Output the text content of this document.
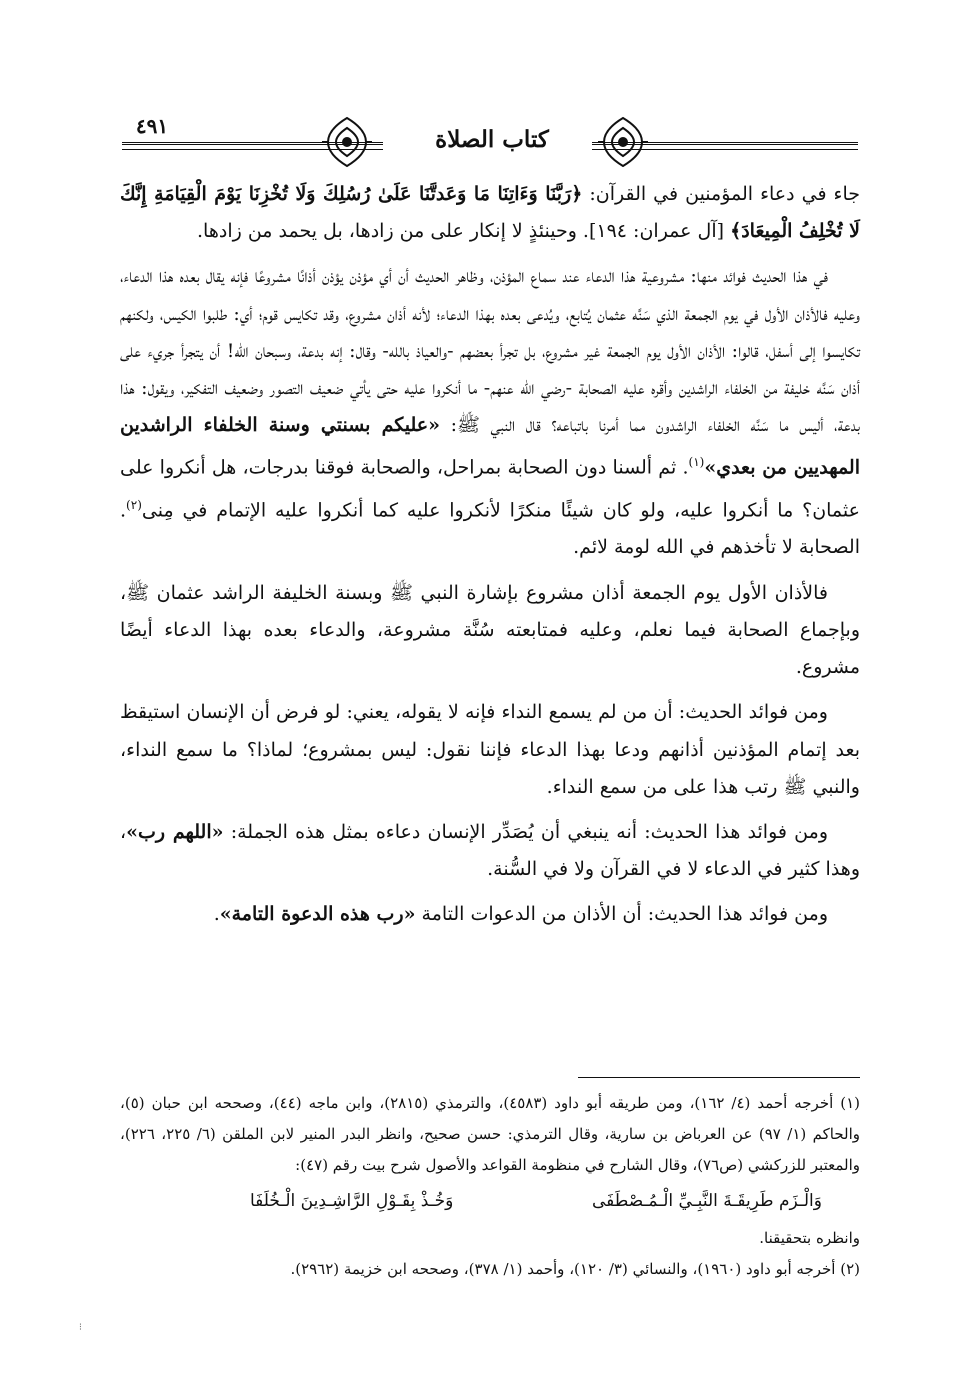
٤٩١	كتاب الصلاة

جاء في دعاء المؤمنين في القرآن: ﴿رَبَّنَا وَءَاتِنَا مَا وَعَدتَّنَا عَلَىٰ رُسُلِكَ وَلَا تُخْزِنَا يَوْمَ الْقِيَامَةِ إِنَّكَ لَا تُخْلِفُ الْمِيعَادَ﴾ [آل عمران: ١٩٤]. وحينئذٍ لا إنكار على من زادها، بل يحمد من زادها.

في هذا الحديث فوائد منها: مشروعية هذا الدعاء عند سماع المؤذن، وظاهر الحديث أن أي مؤذن يؤذن أذانًا مشروعًا فإنه يقال بعده هذا الدعاء، وعليه فالأذان الأول في يوم الجمعة الذي سَنَّه عثمان يُتابع، ويُدعى بعده بهذا الدعاء؛ لأنه أذان مشروع، وقد تكايس قوم؛ أي: طلبوا الكيس، ولكنهم تكايسوا إلى أسفل، قالوا: الأذان الأول يوم الجمعة غير مشروع، بل تجرأ بعضهم -والعياذ بالله- وقال: إنه بدعة، وسبحان الله! أن يتجرأ جريء على أذان سَنَّه خليفة من الخلفاء الراشدين وأقره عليه الصحابة -رضي الله عنهم- ما أنكروا عليه حتى يأتي ضعيف التصور وضعيف التفكير، ويقول: هذا بدعة، أليس ما سَنَّه الخلفاء الراشدون مما أمرنا باتباعه؟ قال النبي ﷺ: «عليكم بسنتي وسنة الخلفاء الراشدين المهديين من بعدي»$^{(١)}$. ثم ألسنا دون الصحابة بمراحل، والصحابة فوقنا بدرجات، هل أنكروا على عثمان؟ ما أنكروا عليه، ولو كان شيئًا منكرًا لأنكروا عليه كما أنكروا عليه الإتمام في مِنى$^{(٢)}$. الصحابة لا تأخذهم في الله لومة لائم.

فالأذان الأول يوم الجمعة أذان مشروع بإشارة النبي ﷺ وبسنة الخليفة الراشد عثمان ﷺ، وبإجماع الصحابة فيما نعلم، وعليه فمتابعته سُنَّة مشروعة، والدعاء بعده بهذا الدعاء أيضًا مشروع.

ومن فوائد الحديث: أن من لم يسمع النداء فإنه لا يقوله، يعني: لو فرض أن الإنسان استيقظ بعد إتمام المؤذنين أذانهم ودعا بهذا الدعاء فإننا نقول: ليس بمشروع؛ لماذا؟ ما سمع النداء، والنبي ﷺ رتب هذا على من سمع النداء.

ومن فوائد هذا الحديث: أنه ينبغي أن يُصَدِّر الإنسان دعاءه بمثل هذه الجملة: «اللهم رب»، وهذا كثير في الدعاء لا في القرآن ولا في السُّنة.

ومن فوائد هذا الحديث: أن الأذان من الدعوات التامة «رب هذه الدعوة التامة».

(١) أخرجه أحمد (٤/ ١٦٢)، ومن طريقه أبو داود (٤٥٨٣)، والترمذي (٢٨١٥)، وابن ماجه (٤٤)، وصححه ابن حبان (٥)، والحاكم (١/ ٩٧) عن العرباض بن سارية، وقال الترمذي: حسن صحيح، وانظر البدر المنير لابن الملقن (٦/ ٢٢٥، ٢٢٦)، والمعتبر للزركشي (ص٧٦)، وقال الشارح في منظومة القواعد والأصول شرح بيت رقم (٤٧):

وَالْـزَم طَرِيقَـةَ النَّبِـيِّ الْـمُـصْطَفَى
وَخُـذْ بِقَـوْلِ الرَّاشِـدِينَ الْـخُلَفَا

وانظره بتحقيقنا.

(٢) أخرجه أبو داود (١٩٦٠)، والنسائي (٣/ ١٢٠)، وأحمد (١/ ٣٧٨)، وصححه ابن خزيمة (٢٩٦٢).

⁝
